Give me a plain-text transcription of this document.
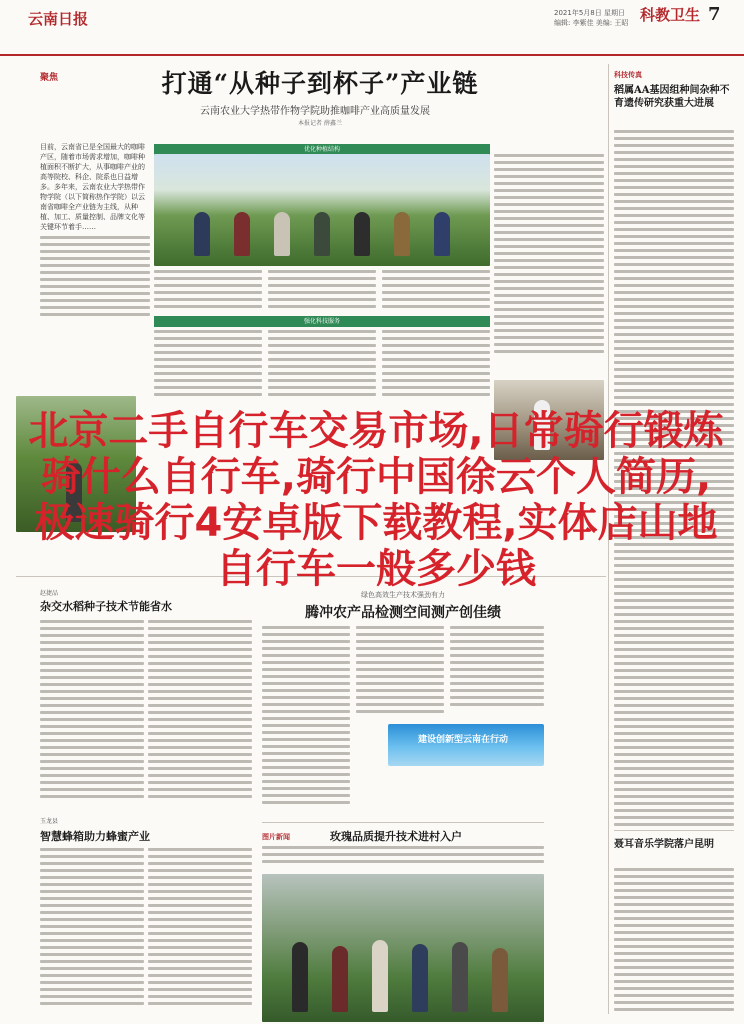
云南日报	2021年5月8日 星期日
编辑: 李紫佳 美编: 王昭 科教卫生 7
聚焦	打通“从种子到杯子”产业链
云南农业大学热带作物学院助推咖啡产业高质量发展
本报记者 薛鑫兰
目前，云南省已是全国最大的咖啡产区，随着市场需求增加，咖啡种植面积不断扩大，从事咖啡产业的高等院校、科企、院系也日益增多。多年来，云南农业大学热带作物学院（以下简称热作学院）以云南省咖啡全产业链为主线，从种植、加工、质量控制、品牌文化等关键环节着手……
优化种植结构
强化科技服务
赵捷品
杂交水稻种子技术节能省水
玉龙县
智慧蜂箱助力蜂蜜产业
绿色高效生产技术强劲有力
腾冲农产品检测空间测产创佳绩
建设创新型云南在行动
图片新闻	玫瑰品质提升技术进村入户
科技传真
稻属AA基因组种间杂种不育遗传研究获重大进展
聂耳音乐学院落户昆明
北京二手自行车交易市场,日常骑行锻炼骑什么自行车,骑行中国徐云个人简历,极速骑行4安卓版下载教程,实体店山地自行车一般多少钱
